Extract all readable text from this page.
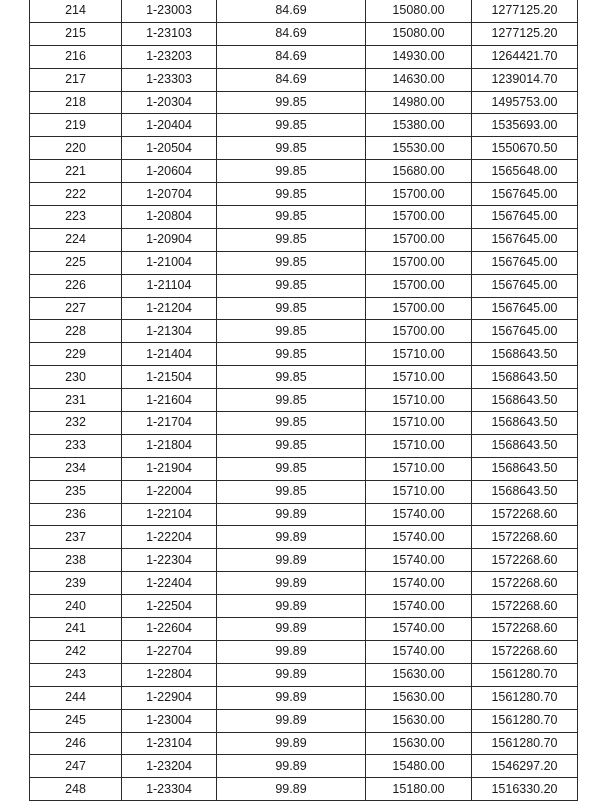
214	1-23003	84.69	15080.00	1277125.20
215	1-23103	84.69	15080.00	1277125.20
216	1-23203	84.69	14930.00	1264421.70
217	1-23303	84.69	14630.00	1239014.70
218	1-20304	99.85	14980.00	1495753.00
219	1-20404	99.85	15380.00	1535693.00
220	1-20504	99.85	15530.00	1550670.50
221	1-20604	99.85	15680.00	1565648.00
222	1-20704	99.85	15700.00	1567645.00
223	1-20804	99.85	15700.00	1567645.00
224	1-20904	99.85	15700.00	1567645.00
225	1-21004	99.85	15700.00	1567645.00
226	1-21104	99.85	15700.00	1567645.00
227	1-21204	99.85	15700.00	1567645.00
228	1-21304	99.85	15700.00	1567645.00
229	1-21404	99.85	15710.00	1568643.50
230	1-21504	99.85	15710.00	1568643.50
231	1-21604	99.85	15710.00	1568643.50
232	1-21704	99.85	15710.00	1568643.50
233	1-21804	99.85	15710.00	1568643.50
234	1-21904	99.85	15710.00	1568643.50
235	1-22004	99.85	15710.00	1568643.50
236	1-22104	99.89	15740.00	1572268.60
237	1-22204	99.89	15740.00	1572268.60
238	1-22304	99.89	15740.00	1572268.60
239	1-22404	99.89	15740.00	1572268.60
240	1-22504	99.89	15740.00	1572268.60
241	1-22604	99.89	15740.00	1572268.60
242	1-22704	99.89	15740.00	1572268.60
243	1-22804	99.89	15630.00	1561280.70
244	1-22904	99.89	15630.00	1561280.70
245	1-23004	99.89	15630.00	1561280.70
246	1-23104	99.89	15630.00	1561280.70
247	1-23204	99.89	15480.00	1546297.20
248	1-23304	99.89	15180.00	1516330.20
